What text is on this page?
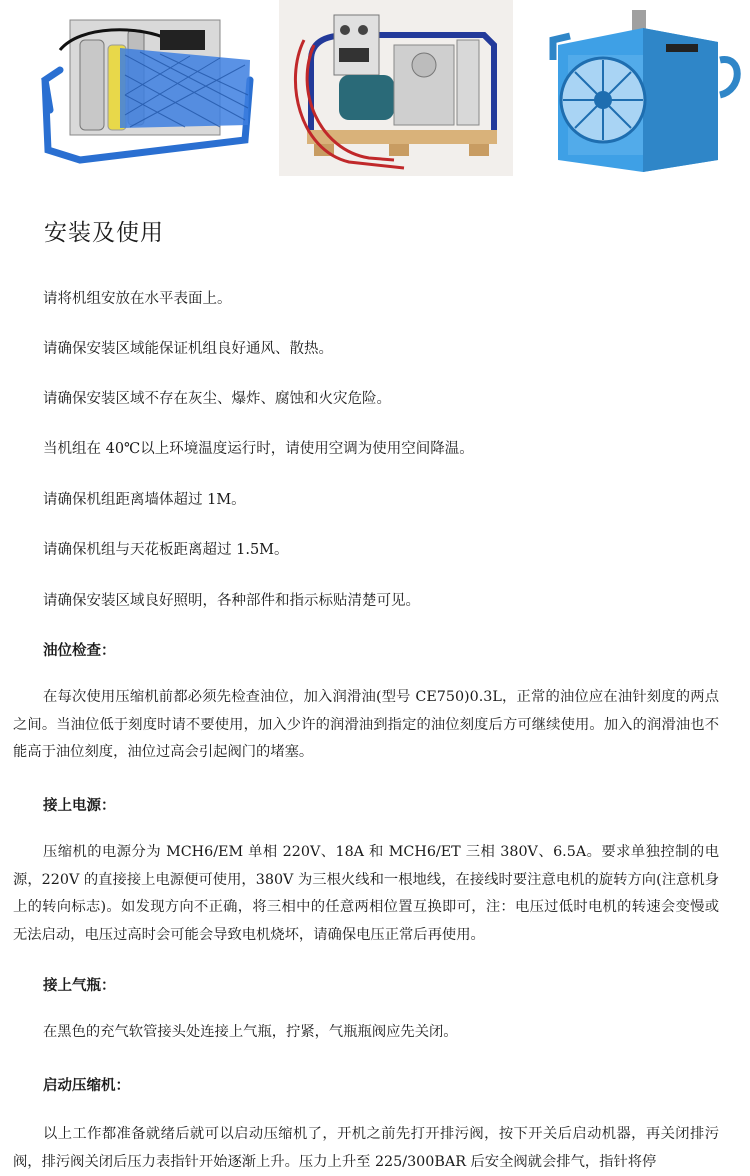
安装及使用
请将机组安放在水平表面上。
请确保安装区域能保证机组良好通风、散热。
请确保安装区域不存在灰尘、爆炸、腐蚀和火灾危险。
当机组在 40℃以上环境温度运行时，请使用空调为使用空间降温。
请确保机组距离墙体超过 1M。
请确保机组与天花板距离超过 1.5M。
请确保安装区域良好照明，各种部件和指示标贴清楚可见。
油位检查：

在每次使用压缩机前都必须先检查油位，加入润滑油(型号 CE750)0.3L，正常的油位应在油针刻度的两点之间。当油位低于刻度时请不要使用，加入少许的润滑油到指定的油位刻度后方可继续使用。加入的润滑油也不能高于油位刻度，油位过高会引起阀门的堵塞。

接上电源：

压缩机的电源分为 MCH6/EM 单相 220V、18A 和 MCH6/ET 三相 380V、6.5A。要求单独控制的电源，220V 的直接接上电源便可使用，380V 为三根火线和一根地线，在接线时要注意电机的旋转方向(注意机身上的转向标志)。如发现方向不正确，将三相中的任意两相位置互换即可，注：电压过低时电机的转速会变慢或无法启动，电压过高时会可能会导致电机烧坏，请确保电压正常后再使用。

接上气瓶：

在黑色的充气软管接头处连接上气瓶，拧紧，气瓶瓶阀应先关闭。

启动压缩机：

以上工作都准备就绪后就可以启动压缩机了，开机之前先打开排污阀，按下开关后启动机器，再关闭排污阀，排污阀关闭后压力表指针开始逐渐上升。压力上升至 225/300BAR 后安全阀就会排气，指针将停
